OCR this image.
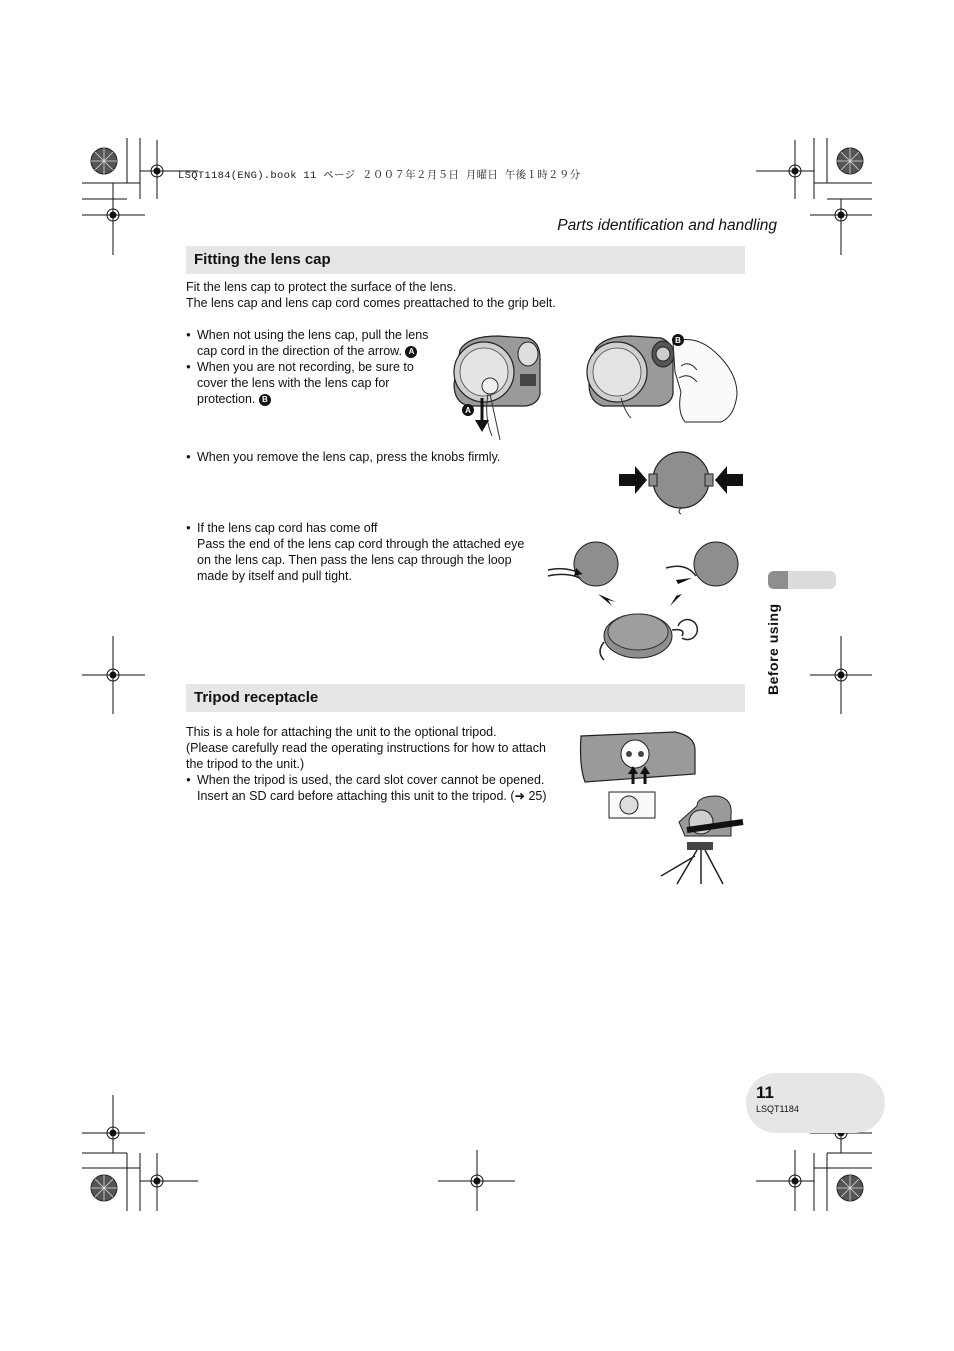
LSQT1184(ENG).book 11 ページ ２００７年２月５日 月曜日 午後１時２９分
Parts identification and handling
Fitting the lens cap
Fit the lens cap to protect the surface of the lens.
The lens cap and lens cap cord comes preattached to the grip belt.
● When not using the lens cap, pull the lens cap cord in the direction of the arrow. A
● When you are not recording, be sure to cover the lens with the lens cap for protection. B
A
B
● When you remove the lens cap, press the knobs firmly.
● If the lens cap cord has come off
Pass the end of the lens cap cord through the attached eye on the lens cap. Then pass the lens cap through the loop made by itself and pull tight.
Tripod receptacle
This is a hole for attaching the unit to the optional tripod.
(Please carefully read the operating instructions for how to attach the tripod to the unit.)
● When the tripod is used, the card slot cover cannot be opened. Insert an SD card before attaching this unit to the tripod. (➜ 25)
Before using
11
LSQT1184
